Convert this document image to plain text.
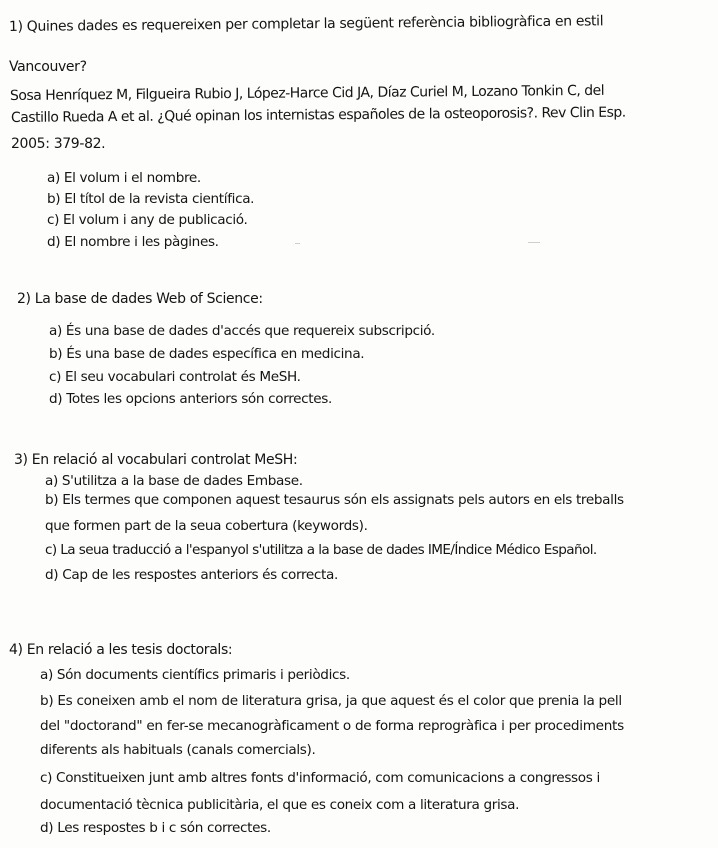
1) Quines dades es requereixen per completar la següent referència bibliogràfica en estil
Vancouver?
Sosa Henríquez M, Filgueira Rubio J, López-Harce Cid JA, Díaz Curiel M, Lozano Tonkin C, del
Castillo Rueda A et al. ¿Qué opinan los internistas españoles de la osteoporosis?. Rev Clin Esp.
2005: 379-82.
a) El volum i el nombre.
b) El títol de la revista científica.
c) El volum i any de publicació.
d) El nombre i les pàgines.
2) La base de dades Web of Science:
a) És una base de dades d'accés que requereix subscripció.
b) És una base de dades específica en medicina.
c) El seu vocabulari controlat és MeSH.
d) Totes les opcions anteriors són correctes.
3) En relació al vocabulari controlat MeSH:
a) S'utilitza a la base de dades Embase.
b) Els termes que componen aquest tesaurus són els assignats pels autors en els treballs
que formen part de la seua cobertura (keywords).
c) La seua traducció a l'espanyol s'utilitza a la base de dades IME/Índice Médico Español.
d) Cap de les respostes anteriors és correcta.
4) En relació a les tesis doctorals:
a) Són documents científics primaris i periòdics.
b) Es coneixen amb el nom de literatura grisa, ja que aquest és el color que prenia la pell
del "doctorand" en fer-se mecanogràficament o de forma reprogràfica i per procediments
diferents als habituals (canals comercials).
c) Constitueixen junt amb altres fonts d'informació, com comunicacions a congressos i
documentació tècnica publicitària, el que es coneix com a literatura grisa.
d) Les respostes b i c són correctes.
